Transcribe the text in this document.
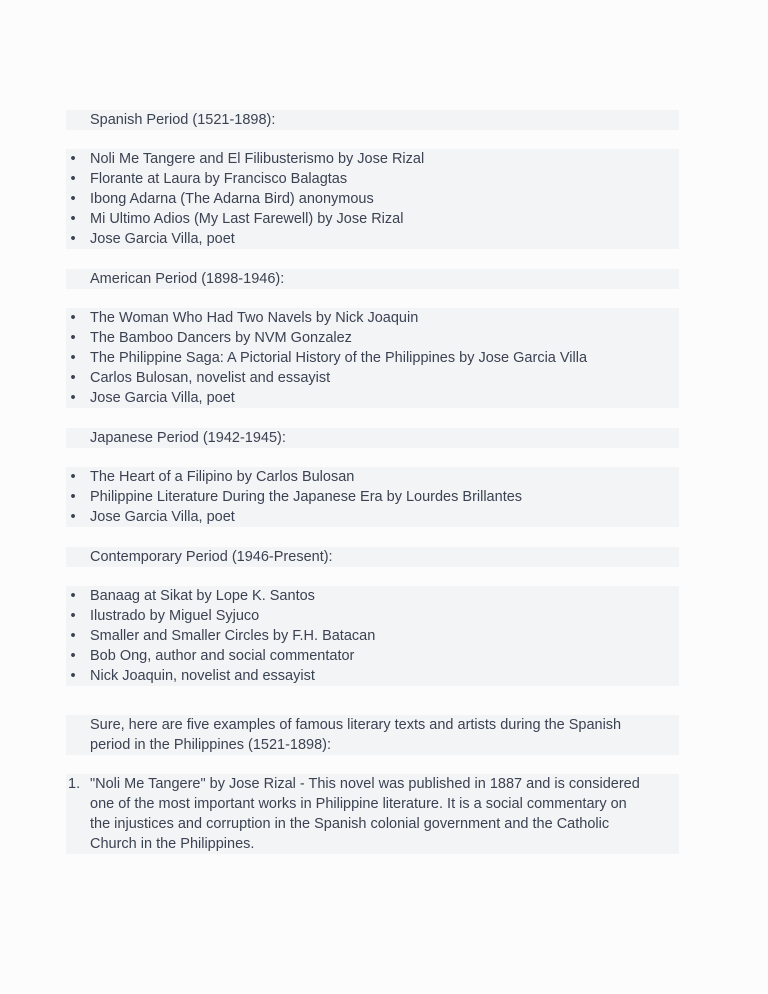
Spanish Period (1521-1898):
• Noli Me Tangere and El Filibusterismo by Jose Rizal
• Florante at Laura by Francisco Balagtas
• Ibong Adarna (The Adarna Bird) anonymous
• Mi Ultimo Adios (My Last Farewell) by Jose Rizal
• Jose Garcia Villa, poet
American Period (1898-1946):
• The Woman Who Had Two Navels by Nick Joaquin
• The Bamboo Dancers by NVM Gonzalez
• The Philippine Saga: A Pictorial History of the Philippines by Jose Garcia Villa
• Carlos Bulosan, novelist and essayist
• Jose Garcia Villa, poet
Japanese Period (1942-1945):
• The Heart of a Filipino by Carlos Bulosan
• Philippine Literature During the Japanese Era by Lourdes Brillantes
• Jose Garcia Villa, poet
Contemporary Period (1946-Present):
• Banaag at Sikat by Lope K. Santos
• Ilustrado by Miguel Syjuco
• Smaller and Smaller Circles by F.H. Batacan
• Bob Ong, author and social commentator
• Nick Joaquin, novelist and essayist
Sure, here are five examples of famous literary texts and artists during the Spanish
period in the Philippines (1521-1898):
1. "Noli Me Tangere" by Jose Rizal - This novel was published in 1887 and is considered
one of the most important works in Philippine literature. It is a social commentary on
the injustices and corruption in the Spanish colonial government and the Catholic
Church in the Philippines.
